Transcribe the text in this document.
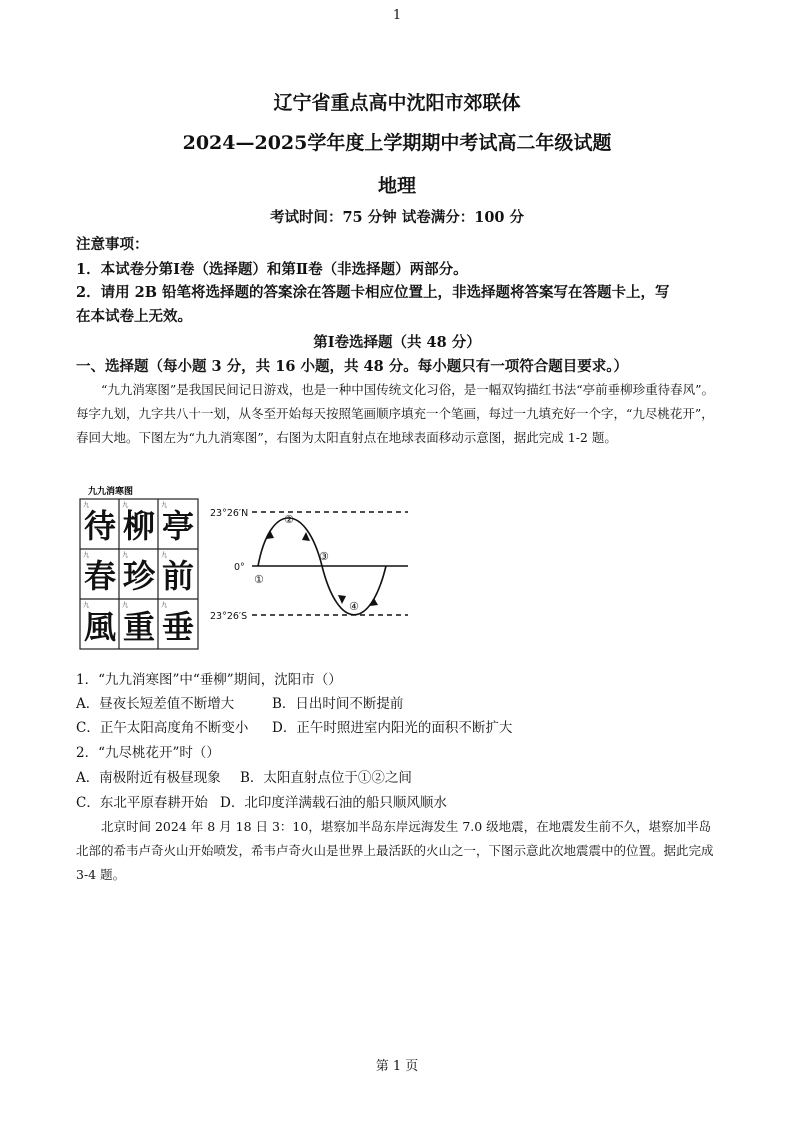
1
辽宁省重点高中沈阳市郊联体
2024—2025学年度上学期期中考试高二年级试题
地理
考试时间：75 分钟 试卷满分：100 分
注意事项：
1．本试卷分第Ⅰ卷（选择题）和第Ⅱ卷（非选择题）两部分。
2．请用 2B 铅笔将选择题的答案涂在答题卡相应位置上，非选择题将答案写在答题卡上，写
在本试卷上无效。
第Ⅰ卷选择题（共 48 分）
一、选择题（每小题 3 分，共 16 小题，共 48 分。每小题只有一项符合题目要求。）
“九九消寒图”是我国民间记日游戏，也是一种中国传统文化习俗，是一幅双钩描红书法“亭前垂柳珍重待春风”。每字九划，九字共八十一划，从冬至开始每天按照笔画顺序填充一个笔画，每过一九填充好一个字，“九尽桃花开”，春回大地。下图左为“九九消寒图”，右图为太阳直射点在地球表面移动示意图，据此完成 1-2 题。
九九消寒图
待 柳 亭
春 珍 前
風 重 垂
九	九	九
九	九	九
九	九	九
23°26′N
0°
23°26′S
①
②
③
④
1．“九九消寒图”中“垂柳”期间，沈阳市（）
A．昼夜长短差值不断增大	B．日出时间不断提前
C．正午太阳高度角不断变小 D．正午时照进室内阳光的面积不断扩大
2．“九尽桃花开”时（）
A．南极附近有极昼现象 B．太阳直射点位于①②之间
C．东北平原春耕开始 D．北印度洋满载石油的船只顺风顺水
北京时间 2024 年 8 月 18 日 3：10，堪察加半岛东岸远海发生 7.0 级地震，在地震发生前不久，堪察加半岛北部的希韦卢奇火山开始喷发，希韦卢奇火山是世界上最活跃的火山之一，下图示意此次地震震中的位置。据此完成 3-4 题。
第 1 页
